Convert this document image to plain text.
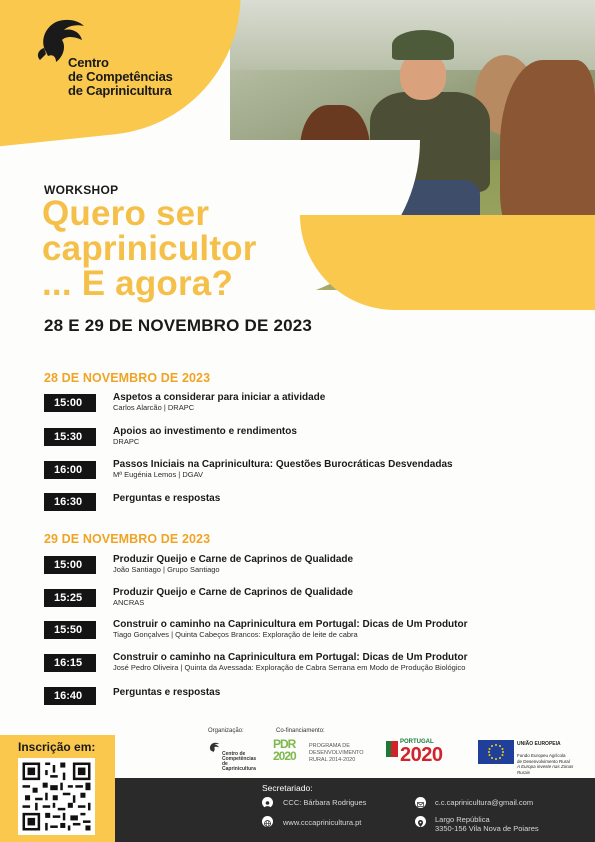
Centro
de Competências
de Caprinicultura
WORKSHOP
Quero ser
caprinicultor
... E agora?
28 E 29 DE NOVEMBRO DE 2023
28 DE NOVEMBRO DE 2023
15:00	Aspetos a considerar para iniciar a atividade
Carlos Alarcão | DRAPC
15:30	Apoios ao investimento e rendimentos
DRAPC
16:00	Passos Iniciais na Caprinicultura: Questões Burocráticas Desvendadas
Mª Eugénia Lemos | DGAV
16:30	Perguntas e respostas
29 DE NOVEMBRO DE 2023
15:00	Produzir Queijo e Carne de Caprinos de Qualidade
João Santiago | Grupo Santiago
15:25	Produzir Queijo e Carne de Caprinos de Qualidade
ANCRAS
15:50	Construir o caminho na Caprinicultura em Portugal: Dicas de Um Produtor
Tiago Gonçalves | Quinta Cabeços Brancos: Exploração de leite de cabra
16:15	Construir o caminho na Caprinicultura em Portugal: Dicas de Um Produtor
José Pedro Oliveira | Quinta da Avessada: Exploração de Cabra Serrana em Modo de Produção Biológico
16:40	Perguntas e respostas
Inscrição em:
Organização:	Co-financiamento:
Centro de Competências de Caprinicultura
PDR 2020
PROGRAMA DE DESENVOLVIMENTO RURAL 2014-2020
PORTUGAL
2020	UNIÃO EUROPEIA

Fundo Europeu Agrícola
de Desenvolvimento Rural
A Europa investe nas Zonas Rurais
Secretariado:
CCC: Bárbara Rodrigues
www.cccaprinicultura.pt
c.c.caprinicultura@gmail.com
Largo República
3350-156 Vila Nova de Poiares
